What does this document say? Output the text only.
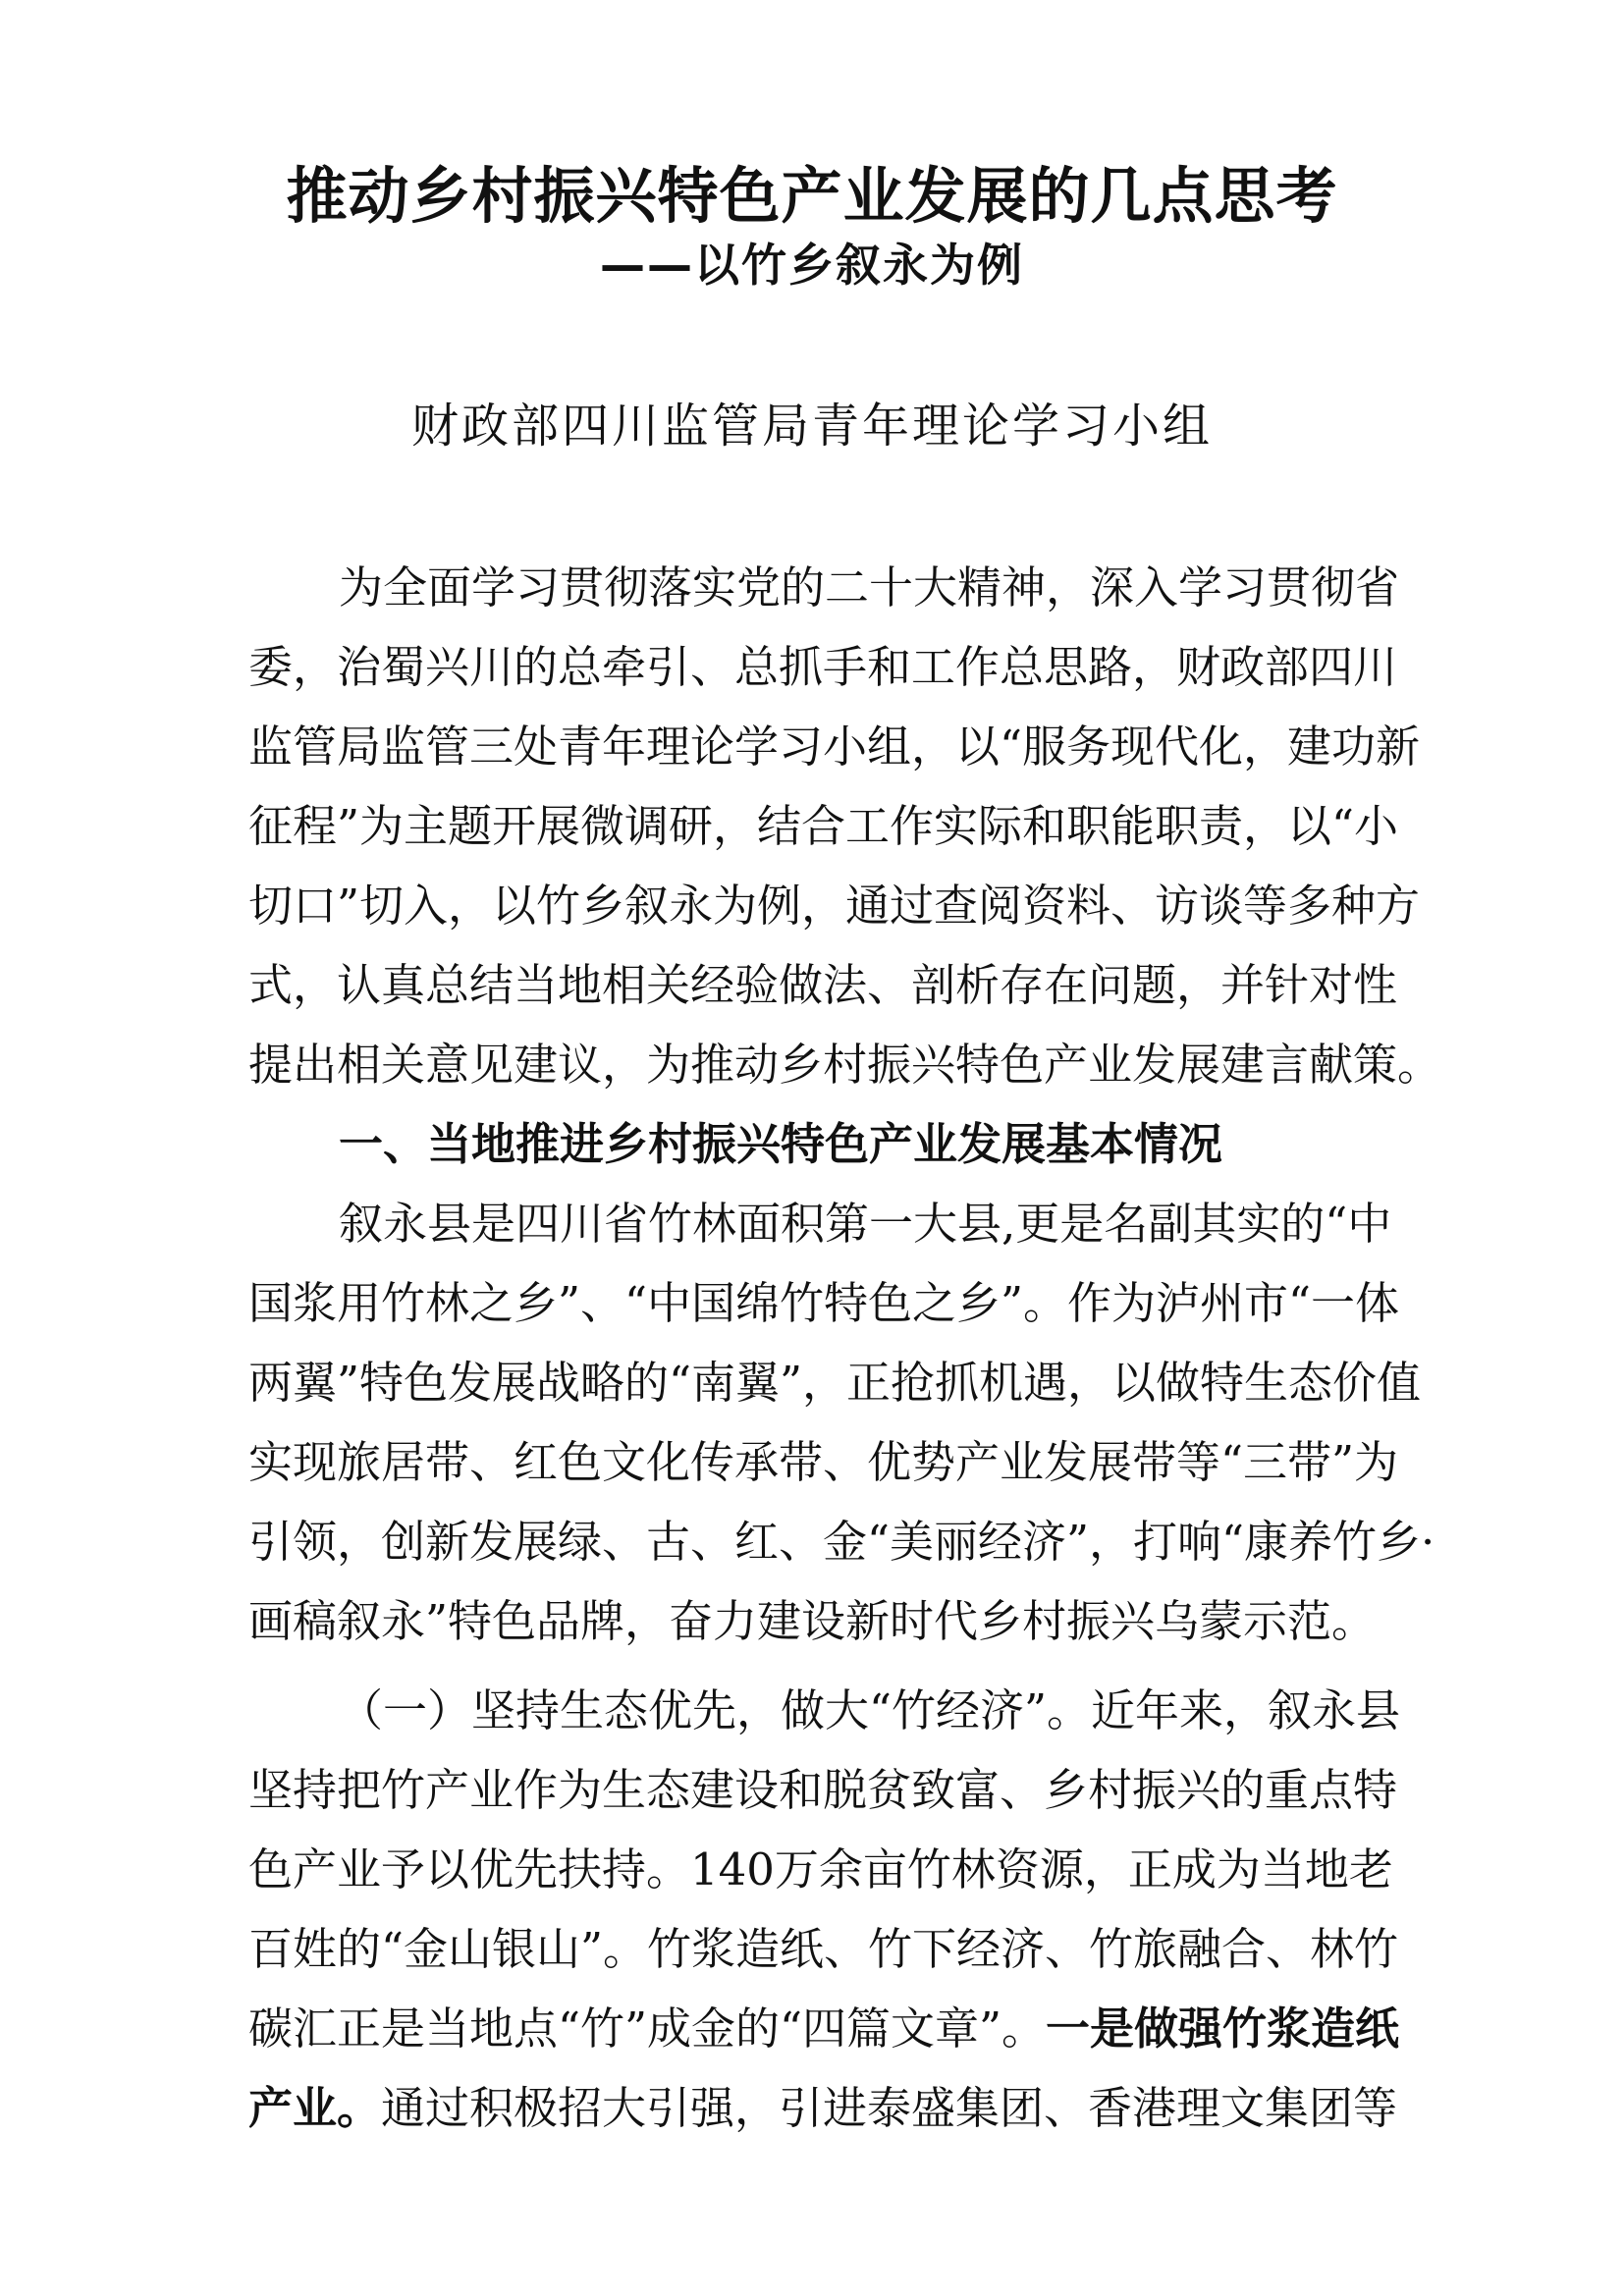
推动乡村振兴特色产业发展的几点思考
——以竹乡叙永为例
财政部四川监管局青年理论学习小组
为全面学习贯彻落实党的二十大精神，深入学习贯彻省
委，治蜀兴川的总牵引、总抓手和工作总思路，财政部四川
监管局监管三处青年理论学习小组，以“服务现代化，建功新
征程”为主题开展微调研，结合工作实际和职能职责，以“小
切口”切入，以竹乡叙永为例，通过查阅资料、访谈等多种方
式，认真总结当地相关经验做法、剖析存在问题，并针对性
提出相关意见建议，为推动乡村振兴特色产业发展建言献策。
一、当地推进乡村振兴特色产业发展基本情况
叙永县是四川省竹林面积第一大县,更是名副其实的“中
国浆用竹林之乡”、“中国绵竹特色之乡”。作为泸州市“一体
两翼”特色发展战略的“南翼”，正抢抓机遇，以做特生态价值
实现旅居带、红色文化传承带、优势产业发展带等“三带”为
引领，创新发展绿、古、红、金“美丽经济”，打响“康养竹乡·
画稿叙永”特色品牌，奋力建设新时代乡村振兴乌蒙示范。
（一）坚持生态优先，做大“竹经济”。近年来，叙永县
坚持把竹产业作为生态建设和脱贫致富、乡村振兴的重点特
色产业予以优先扶持。140万余亩竹林资源，正成为当地老
百姓的“金山银山”。竹浆造纸、竹下经济、竹旅融合、林竹
碳汇正是当地点“竹”成金的“四篇文章”。一是做强竹浆造纸
产业。通过积极招大引强，引进泰盛集团、香港理文集团等
